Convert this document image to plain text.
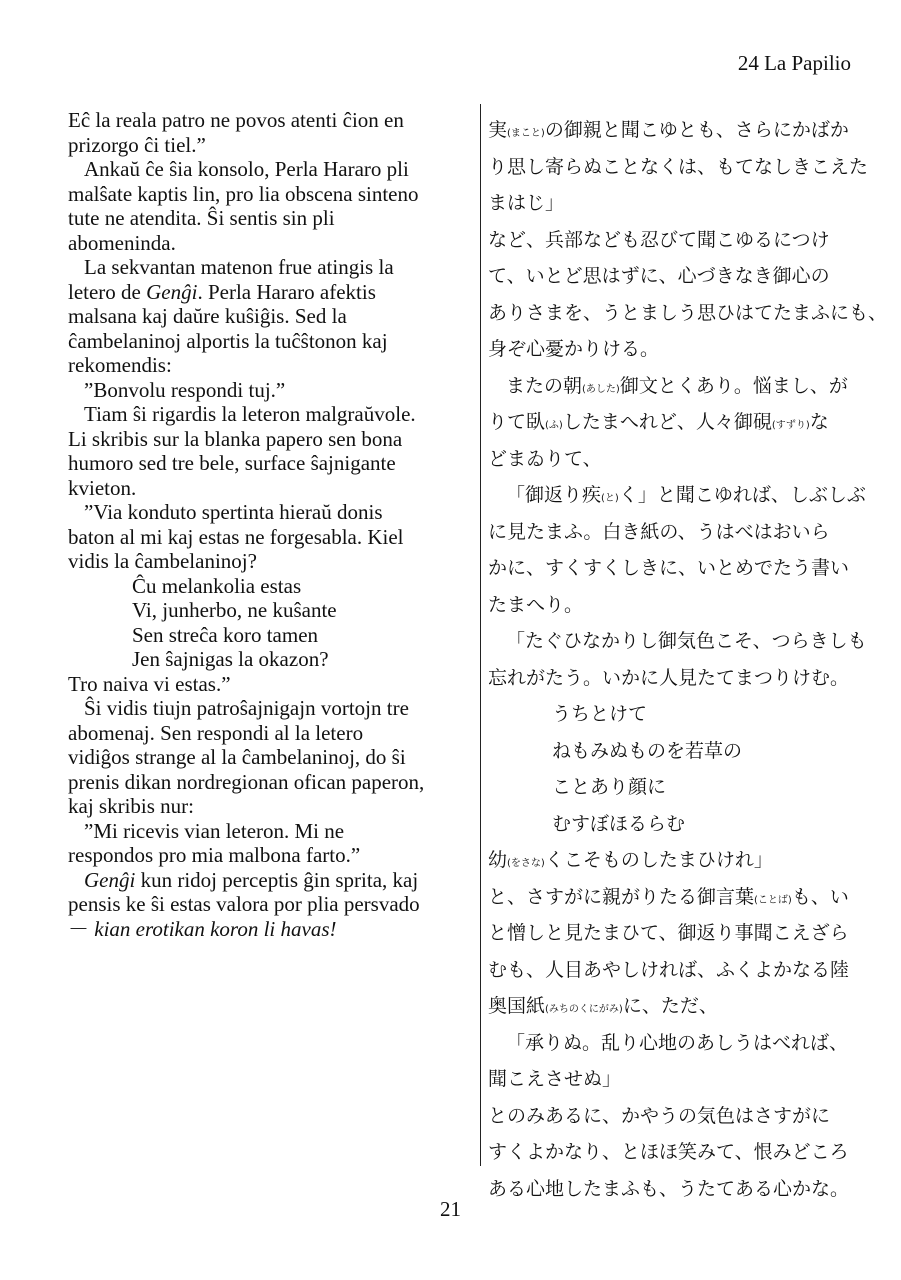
24 La Papilio
Eĉ la reala patro ne povos atenti ĉion en
prizorgo ĉi tiel.”
Ankaŭ ĉe ŝia konsolo, Perla Hararo pli
malŝate kaptis lin, pro lia obscena sinteno
tute ne atendita. Ŝi sentis sin pli
abomeninda.
La sekvantan matenon frue atingis la
letero de Genĝi. Perla Hararo afektis
malsana kaj daŭre kuŝiĝis. Sed la
ĉambelaninoj alportis la tuĉŝtonon kaj
rekomendis:
”Bonvolu respondi tuj.”
Tiam ŝi rigardis la leteron malgraŭvole.
Li skribis sur la blanka papero sen bona
humoro sed tre bele, surface ŝajnigante
kvieton.
”Via konduto spertinta hieraŭ donis
baton al mi kaj estas ne forgesabla. Kiel
vidis la ĉambelaninoj?
Ĉu melankolia estas
Vi, junherbo, ne kuŝante
Sen streĉa koro tamen
Jen ŝajnigas la okazon?
Tro naiva vi estas.”
Ŝi vidis tiujn patroŝajnigajn vortojn tre
abomenaj. Sen respondi al la letero
vidiĝos strange al la ĉambelaninoj, do ŝi
prenis dikan nordregionan ofican paperon,
kaj skribis nur:
”Mi ricevis vian leteron. Mi ne
respondos pro mia malbona farto.”
Genĝi kun ridoj perceptis ĝin sprita, kaj
pensis ke ŝi estas valora por plia persvado
－ kian erotikan koron li havas!
実(まこと)の御親と聞こゆとも、さらにかばか
り思し寄らぬことなくは、もてなしきこえた
まはじ」
など、兵部なども忍びて聞こゆるにつけ
て、いとど思はずに、心づきなき御心の
ありさまを、うとましう思ひはてたまふにも、
身ぞ心憂かりける。
またの朝(あした)御文とくあり。悩まし、が
りて臥(ふ)したまへれど、人々御硯(すずり)な
どまゐりて、
「御返り疾(と)く」と聞こゆれば、しぶしぶ
に見たまふ。白き紙の、うはべはおいら
かに、すくすくしきに、いとめでたう書い
たまへり。
「たぐひなかりし御気色こそ、つらきしも
忘れがたう。いかに人見たてまつりけむ。
うちとけて
ねもみぬものを若草の
ことあり顔に
むすぼほるらむ
幼(をさな)くこそものしたまひけれ」
と、さすがに親がりたる御言葉(ことば)も、い
と憎しと見たまひて、御返り事聞こえざら
むも、人目あやしければ、ふくよかなる陸
奥国紙(みちのくにがみ)に、ただ、
「承りぬ。乱り心地のあしうはべれば、
聞こえさせぬ」
とのみあるに、かやうの気色はさすがに
すくよかなり、とほほ笑みて、恨みどころ
ある心地したまふも、うたてある心かな。
21
